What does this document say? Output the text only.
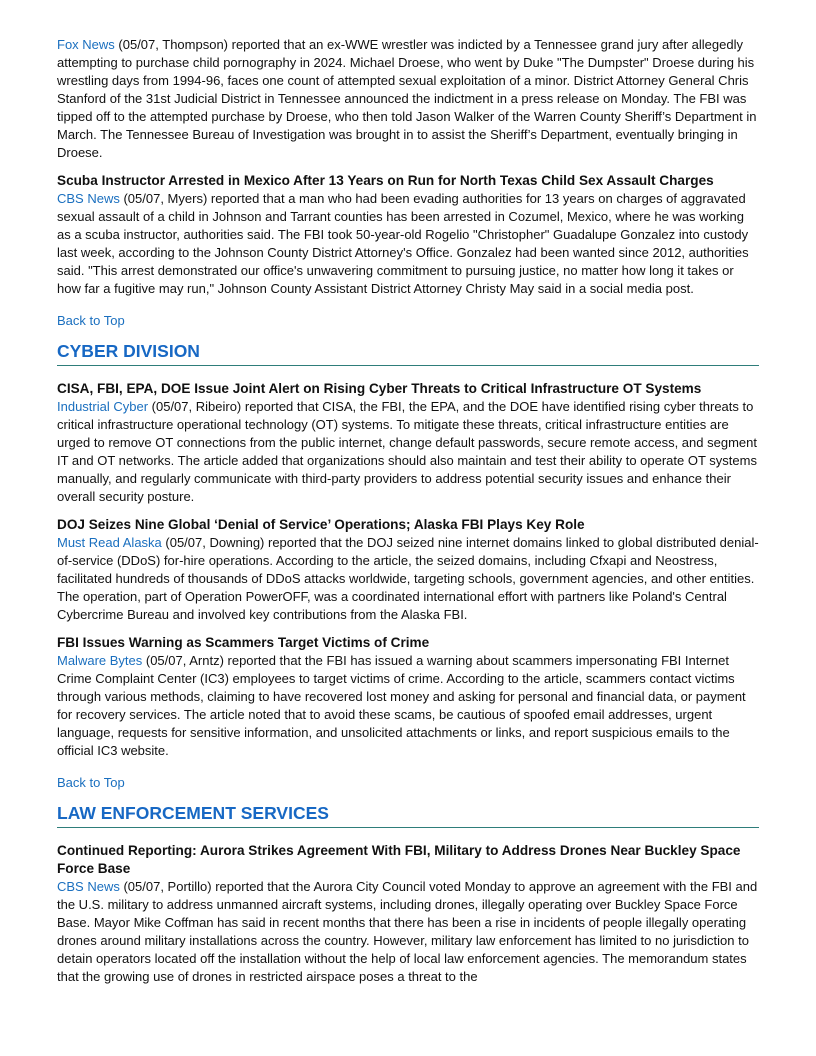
Fox News (05/07, Thompson) reported that an ex-WWE wrestler was indicted by a Tennessee grand jury after allegedly attempting to purchase child pornography in 2024. Michael Droese, who went by Duke "The Dumpster" Droese during his wrestling days from 1994-96, faces one count of attempted sexual exploitation of a minor. District Attorney General Chris Stanford of the 31st Judicial District in Tennessee announced the indictment in a press release on Monday. The FBI was tipped off to the attempted purchase by Droese, who then told Jason Walker of the Warren County Sheriff’s Department in March. The Tennessee Bureau of Investigation was brought in to assist the Sheriff’s Department, eventually bringing in Droese.

Scuba Instructor Arrested in Mexico After 13 Years on Run for North Texas Child Sex Assault Charges

CBS News (05/07, Myers) reported that a man who had been evading authorities for 13 years on charges of aggravated sexual assault of a child in Johnson and Tarrant counties has been arrested in Cozumel, Mexico, where he was working as a scuba instructor, authorities said. The FBI took 50-year-old Rogelio "Christopher" Guadalupe Gonzalez into custody last week, according to the Johnson County District Attorney's Office. Gonzalez had been wanted since 2012, authorities said. "This arrest demonstrated our office's unwavering commitment to pursuing justice, no matter how long it takes or how far a fugitive may run," Johnson County Assistant District Attorney Christy May said in a social media post.

Back to Top
CYBER DIVISION

CISA, FBI, EPA, DOE Issue Joint Alert on Rising Cyber Threats to Critical Infrastructure OT Systems

Industrial Cyber (05/07, Ribeiro) reported that CISA, the FBI, the EPA, and the DOE have identified rising cyber threats to critical infrastructure operational technology (OT) systems. To mitigate these threats, critical infrastructure entities are urged to remove OT connections from the public internet, change default passwords, secure remote access, and segment IT and OT networks. The article added that organizations should also maintain and test their ability to operate OT systems manually, and regularly communicate with third-party providers to address potential security issues and enhance their overall security posture.

DOJ Seizes Nine Global ‘Denial of Service’ Operations; Alaska FBI Plays Key Role

Must Read Alaska (05/07, Downing) reported that the DOJ seized nine internet domains linked to global distributed denial-of-service (DDoS) for-hire operations. According to the article, the seized domains, including Cfxapi and Neostress, facilitated hundreds of thousands of DDoS attacks worldwide, targeting schools, government agencies, and other entities. The operation, part of Operation PowerOFF, was a coordinated international effort with partners like Poland's Central Cybercrime Bureau and involved key contributions from the Alaska FBI.

FBI Issues Warning as Scammers Target Victims of Crime

Malware Bytes (05/07, Arntz) reported that the FBI has issued a warning about scammers impersonating FBI Internet Crime Complaint Center (IC3) employees to target victims of crime. According to the article, scammers contact victims through various methods, claiming to have recovered lost money and asking for personal and financial data, or payment for recovery services. The article noted that to avoid these scams, be cautious of spoofed email addresses, urgent language, requests for sensitive information, and unsolicited attachments or links, and report suspicious emails to the official IC3 website.

Back to Top
LAW ENFORCEMENT SERVICES

Continued Reporting: Aurora Strikes Agreement With FBI, Military to Address Drones Near Buckley Space Force Base

CBS News (05/07, Portillo) reported that the Aurora City Council voted Monday to approve an agreement with the FBI and the U.S. military to address unmanned aircraft systems, including drones, illegally operating over Buckley Space Force Base. Mayor Mike Coffman has said in recent months that there has been a rise in incidents of people illegally operating drones around military installations across the country. However, military law enforcement has limited to no jurisdiction to detain operators located off the installation without the help of local law enforcement agencies. The memorandum states that the growing use of drones in restricted airspace poses a threat to the
